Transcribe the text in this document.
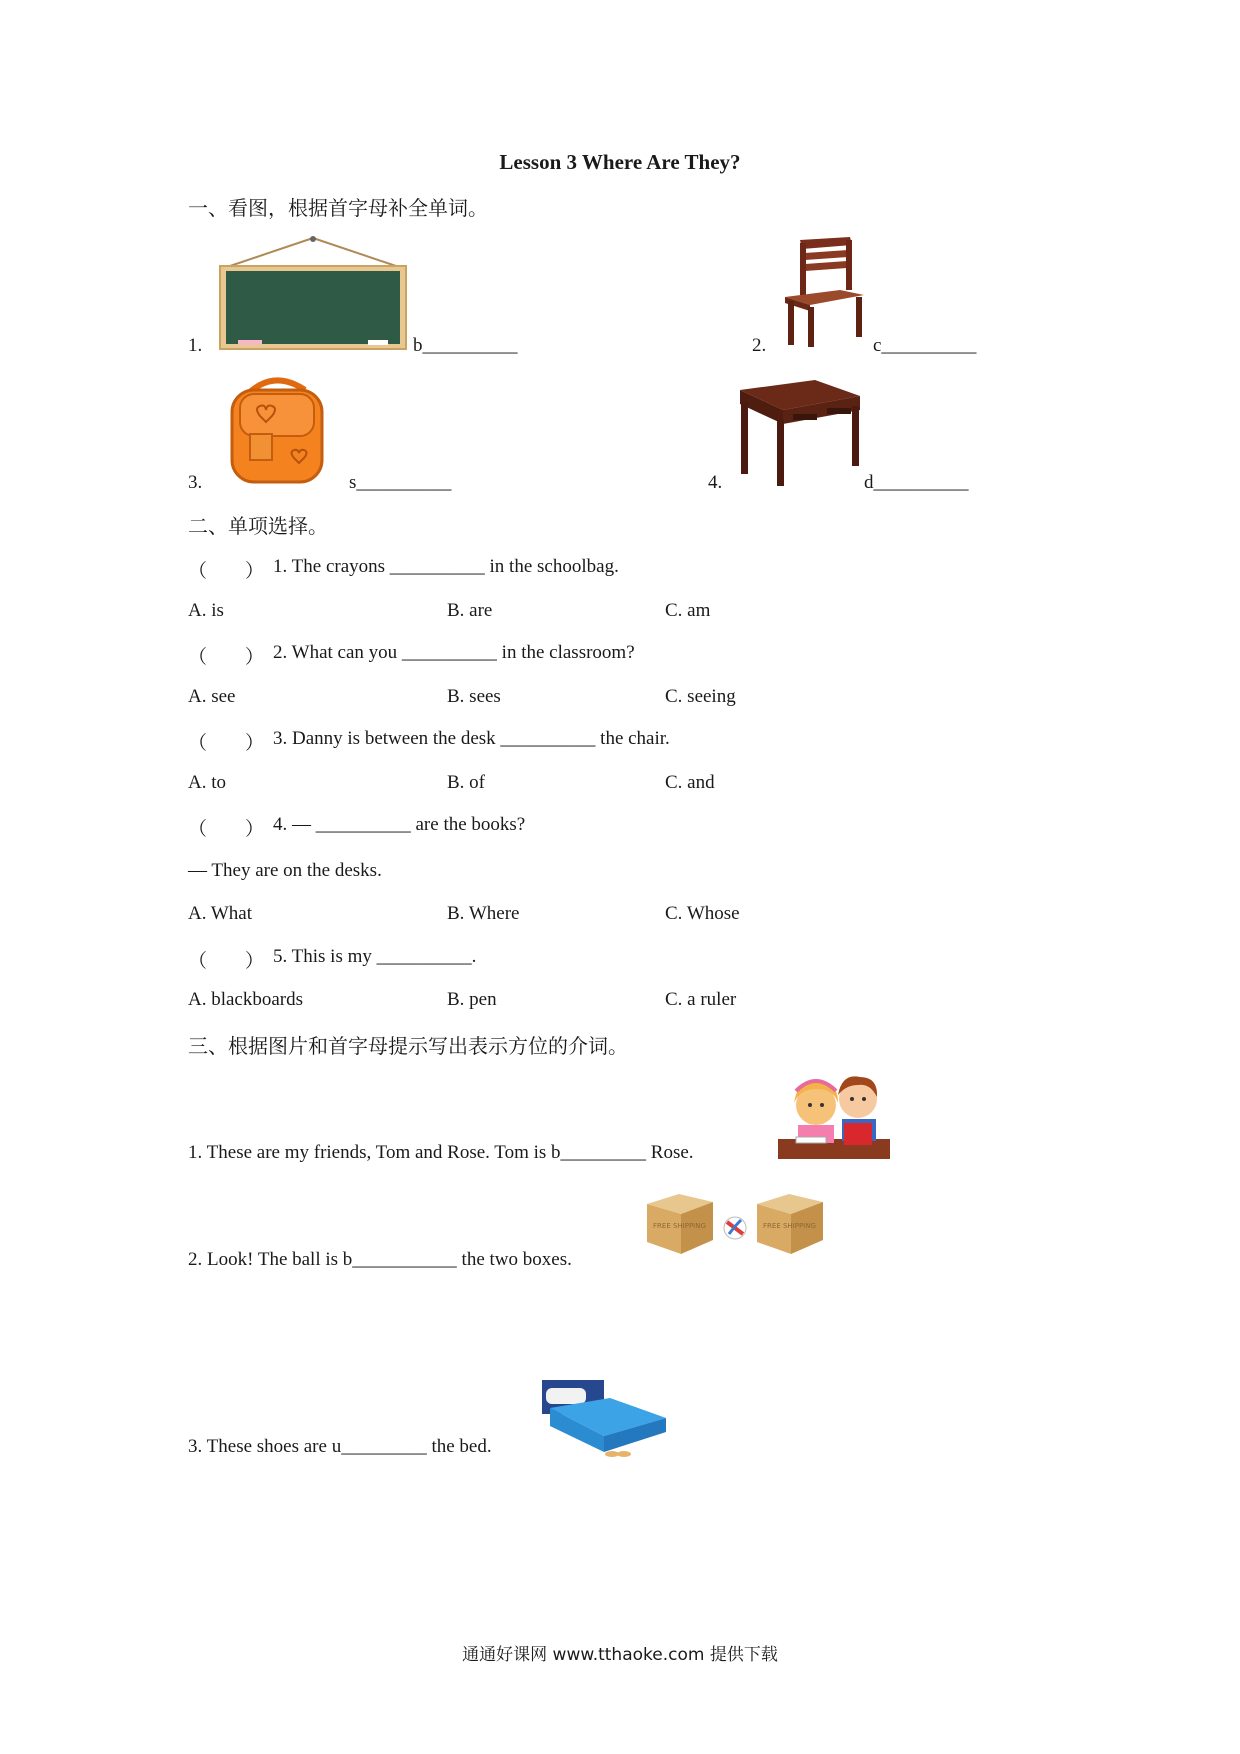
Lesson 3 Where Are They?
一、看图，根据首字母补全单词。
1.	b__________	2.	c__________
3.	s__________	4.	d__________
二、单项选择。
（　　） 1. The crayons __________ in the schoolbag.
A. is	B. are	C. am
（　　） 2. What can you __________ in the classroom?
A. see	B. sees	C. seeing
（　　） 3. Danny is between the desk __________ the chair.
A. to	B. of	C. and
（　　） 4. — __________ are the books?
— They are on the desks.
A. What	B. Where	C. Whose
（　　） 5. This is my __________.
A. blackboards	B. pen	C. a ruler
三、根据图片和首字母提示写出表示方位的介词。
1. These are my friends, Tom and Rose. Tom is b_________ Rose.
2. Look! The ball is b___________ the two boxes.
FREE SHIPPING	FREE SHIPPING
3. These shoes are u_________ the bed.
通通好课网 www.tthaoke.com 提供下载
